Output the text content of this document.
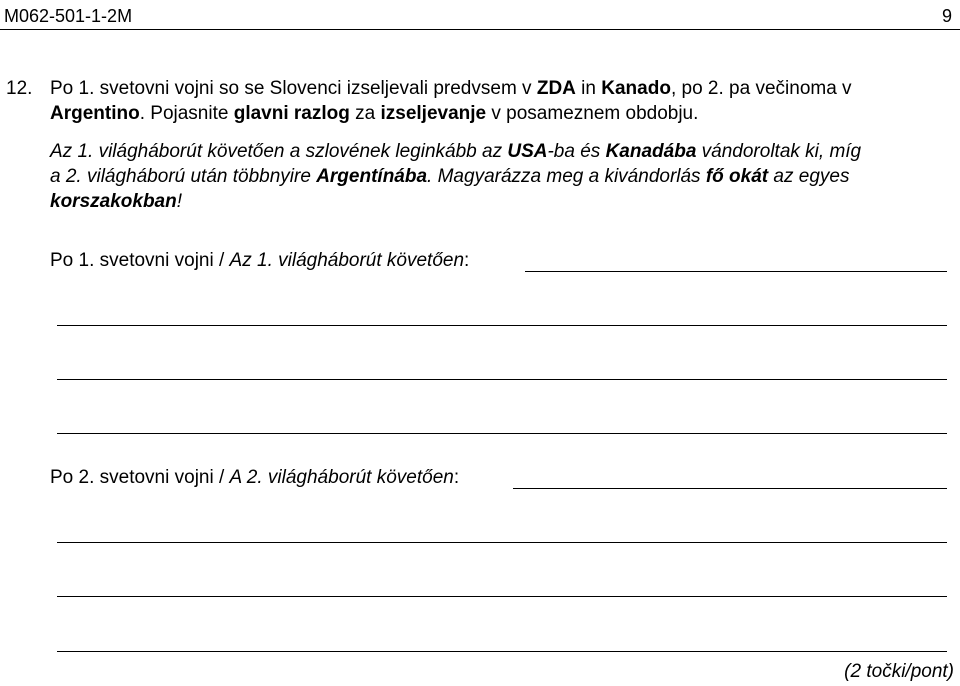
M062-501-1-2M	9
12. Po 1. svetovni vojni so se Slovenci izseljevali predvsem v ZDA in Kanado, po 2. pa večinoma v
Argentino. Pojasnite glavni razlog za izseljevanje v posameznem obdobju.
Az 1. világháborút követően a szlovének leginkább az USA-ba és Kanadába vándoroltak ki, míg
a 2. világháború után többnyire Argentínába. Magyarázza meg a kivándorlás fő okát az egyes
korszakokban!
Po 1. svetovni vojni / Az 1. világháborút követően:
Po 2. svetovni vojni / A 2. világháborút követően:
(2 točki/pont)
